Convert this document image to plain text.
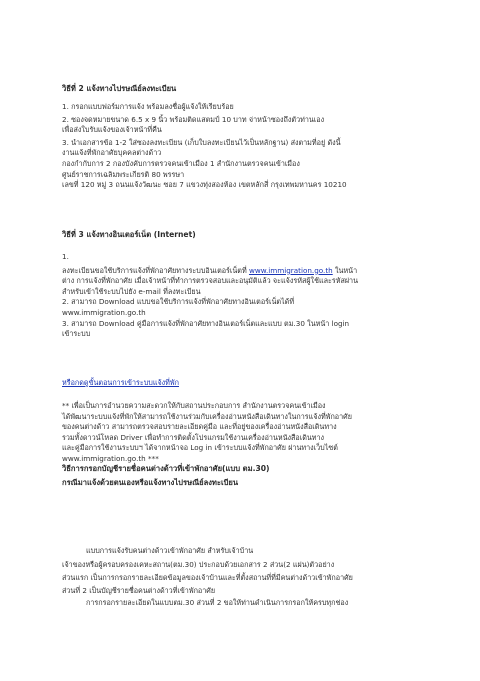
วิธีที่ 2 แจ้งทางไปรษณีย์ลงทะเบียน

1. กรอกแบบฟอร์มการแจ้ง พร้อมลงชื่อผู้แจ้งให้เรียบร้อย

2. ซองจดหมายขนาด 6.5 x 9 นิ้ว พร้อมติดแสตมป์ 10 บาท จ่าหน้าซองถึงตัวท่านเอง

เพื่อส่งใบรับแจ้งของเจ้าหน้าที่คืน

3. นำเอกสารข้อ 1-2 ใส่ซองลงทะเบียน (เก็บใบลงทะเบียนไว้เป็นหลักฐาน) ส่งตามที่อยู่ ดังนี้

งานแจ้งที่พักอาศัยบุคคลต่างด้าว

กองกำกับการ 2 กองบังคับการตรวจคนเข้าเมือง 1 สำนักงานตรวจคนเข้าเมือง

ศูนย์ราชการเฉลิมพระเกียรติ 80 พรรษา

เลขที่ 120 หมู่ 3 ถนนแจ้งวัฒนะ ซอย 7 แขวงทุ่งสองห้อง เขตหลักสี่ กรุงเทพมหานคร 10210

วิธีที่ 3 แจ้งทางอินเตอร์เน็ต (Internet)

1.

ลงทะเบียนขอใช้บริการแจ้งที่พักอาศัยทางระบบอินเตอร์เน็ตที่ www.immigration.go.th ในหน้า

ต่าง การแจ้งที่พักอาศัย เมื่อเจ้าหน้าที่ทำการตรวจสอบและอนุมัติแล้ว จะแจ้งรหัสผู้ใช้และรหัสผ่าน

สำหรับเข้าใช้ระบบไปยัง e-mail ที่ลงทะเบียน

2. สามารถ Download แบบขอใช้บริการแจ้งที่พักอาศัยทางอินเตอร์เน็ตได้ที่

www.immigration.go.th

3. สามารถ Download คู่มือการแจ้งที่พักอาศัยทางอินเตอร์เน็ตและแบบ ตม.30 ในหน้า login

เข้าระบบ

หรือกดดูขั้นตอนการเข้าระบบแจ้งที่พัก

** เพื่อเป็นการอำนวยความสะดวกให้กับสถานประกอบการ สำนักงานตรวจคนเข้าเมือง

ได้พัฒนาระบบแจ้งที่พักให้สามารถใช้งานร่วมกับเครื่องอ่านหนังสือเดินทางในการแจ้งที่พักอาศัย

ของคนต่างด้าว สามารถตรวจสอบรายละเอียดคู่มือ และที่อยู่ของเครื่องอ่านหนังสือเดินทาง

รวมทั้งดาวน์โหลด Driver เพื่อทำการติดตั้งโปรแกรมใช้งานเครื่องอ่านหนังสือเดินทาง

และคู่มือการใช้งานระบบฯ ได้จากหน้าจอ Log in เข้าระบบแจ้งที่พักอาศัย ผ่านทางเว็บไซต์

www.immigration.go.th ***

วิธีการกรอกบัญชีรายชื่อคนต่างด้าวที่เข้าพักอาศัย(แบบ ตม.30)

กรณีมาแจ้งด้วยตนเองหรือแจ้งทางไปรษณีย์ลงทะเบียน

แบบการแจ้งรับคนต่างด้าวเข้าพักอาศัย สำหรับเจ้าบ้าน

เจ้าของหรือผู้ครอบครองเคหะสถาน(ตม.30) ประกอบด้วยเอกสาร 2 ส่วน(2 แผ่น)ตัวอย่าง

ส่วนแรก เป็นการกรอกรายละเอียดข้อมูลของเจ้าบ้านและที่ตั้งสถานที่ที่มีคนต่างด้าวเข้าพักอาศัย

ส่วนที่ 2 เป็นบัญชีรายชื่อคนต่างด้าวที่เข้าพักอาศัย

การกรอกรายละเอียดในแบบตม.30 ส่วนที่ 2 ขอให้ท่านดำเนินการกรอกให้ครบทุกช่อง
